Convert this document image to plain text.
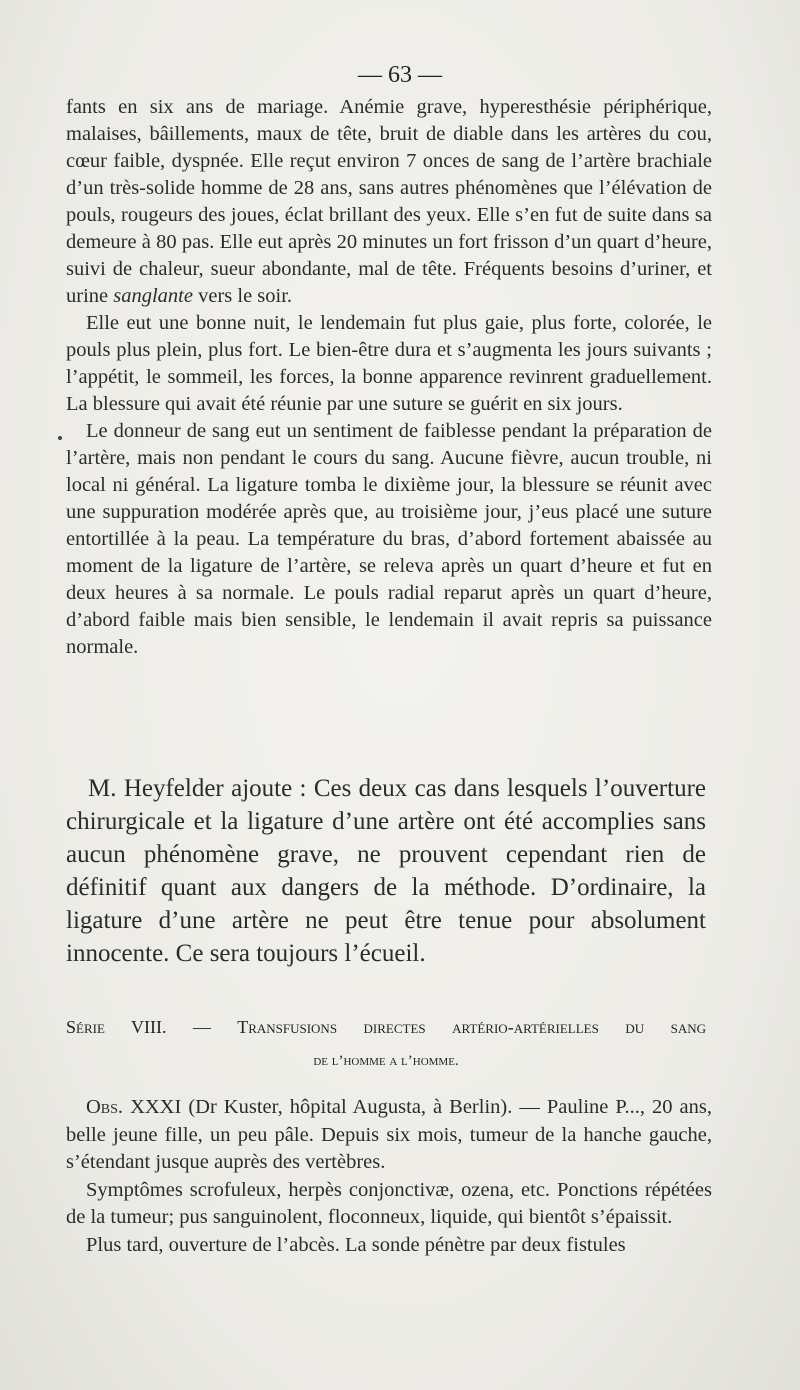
— 63 —

fants en six ans de mariage. Anémie grave, hyperesthésie périphérique, malaises, bâillements, maux de tête, bruit de diable dans les artères du cou, cœur faible, dyspnée. Elle reçut environ 7 onces de sang de l’artère brachiale d’un très-solide homme de 28 ans, sans autres phénomènes que l’élévation de pouls, rougeurs des joues, éclat brillant des yeux. Elle s’en fut de suite dans sa demeure à 80 pas. Elle eut après 20 minutes un fort frisson d’un quart d’heure, suivi de chaleur, sueur abondante, mal de tête. Fréquents besoins d’uriner, et urine sanglante vers le soir.

Elle eut une bonne nuit, le lendemain fut plus gaie, plus forte, colorée, le pouls plus plein, plus fort. Le bien-être dura et s’augmenta les jours suivants ; l’appétit, le sommeil, les forces, la bonne apparence revinrent graduellement. La blessure qui avait été réunie par une suture se guérit en six jours.

Le donneur de sang eut un sentiment de faiblesse pendant la préparation de l’artère, mais non pendant le cours du sang. Aucune fièvre, aucun trouble, ni local ni général. La ligature tomba le dixième jour, la blessure se réunit avec une suppuration modérée après que, au troisième jour, j’eus placé une suture entortillée à la peau. La température du bras, d’abord fortement abaissée au moment de la ligature de l’artère, se releva après un quart d’heure et fut en deux heures à sa normale. Le pouls radial reparut après un quart d’heure, d’abord faible mais bien sensible, le lendemain il avait repris sa puissance normale.

M. Heyfelder ajoute : Ces deux cas dans lesquels l’ouverture chirurgicale et la ligature d’une artère ont été accomplies sans aucun phénomène grave, ne prouvent cependant rien de définitif quant aux dangers de la méthode. D’ordinaire, la ligature d’une artère ne peut être tenue pour absolument innocente. Ce sera toujours l’écueil.

Série VIII. — Transfusions directes artério-artérielles du sang
de l’homme a l’homme.

Obs. XXXI (Dr Kuster, hôpital Augusta, à Berlin). — Pauline P..., 20 ans, belle jeune fille, un peu pâle. Depuis six mois, tumeur de la hanche gauche, s’étendant jusque auprès des vertèbres.

Symptômes scrofuleux, herpès conjonctivæ, ozena, etc. Ponctions répétées de la tumeur; pus sanguinolent, floconneux, liquide, qui bientôt s’épaissit.

Plus tard, ouverture de l’abcès. La sonde pénètre par deux fistules
